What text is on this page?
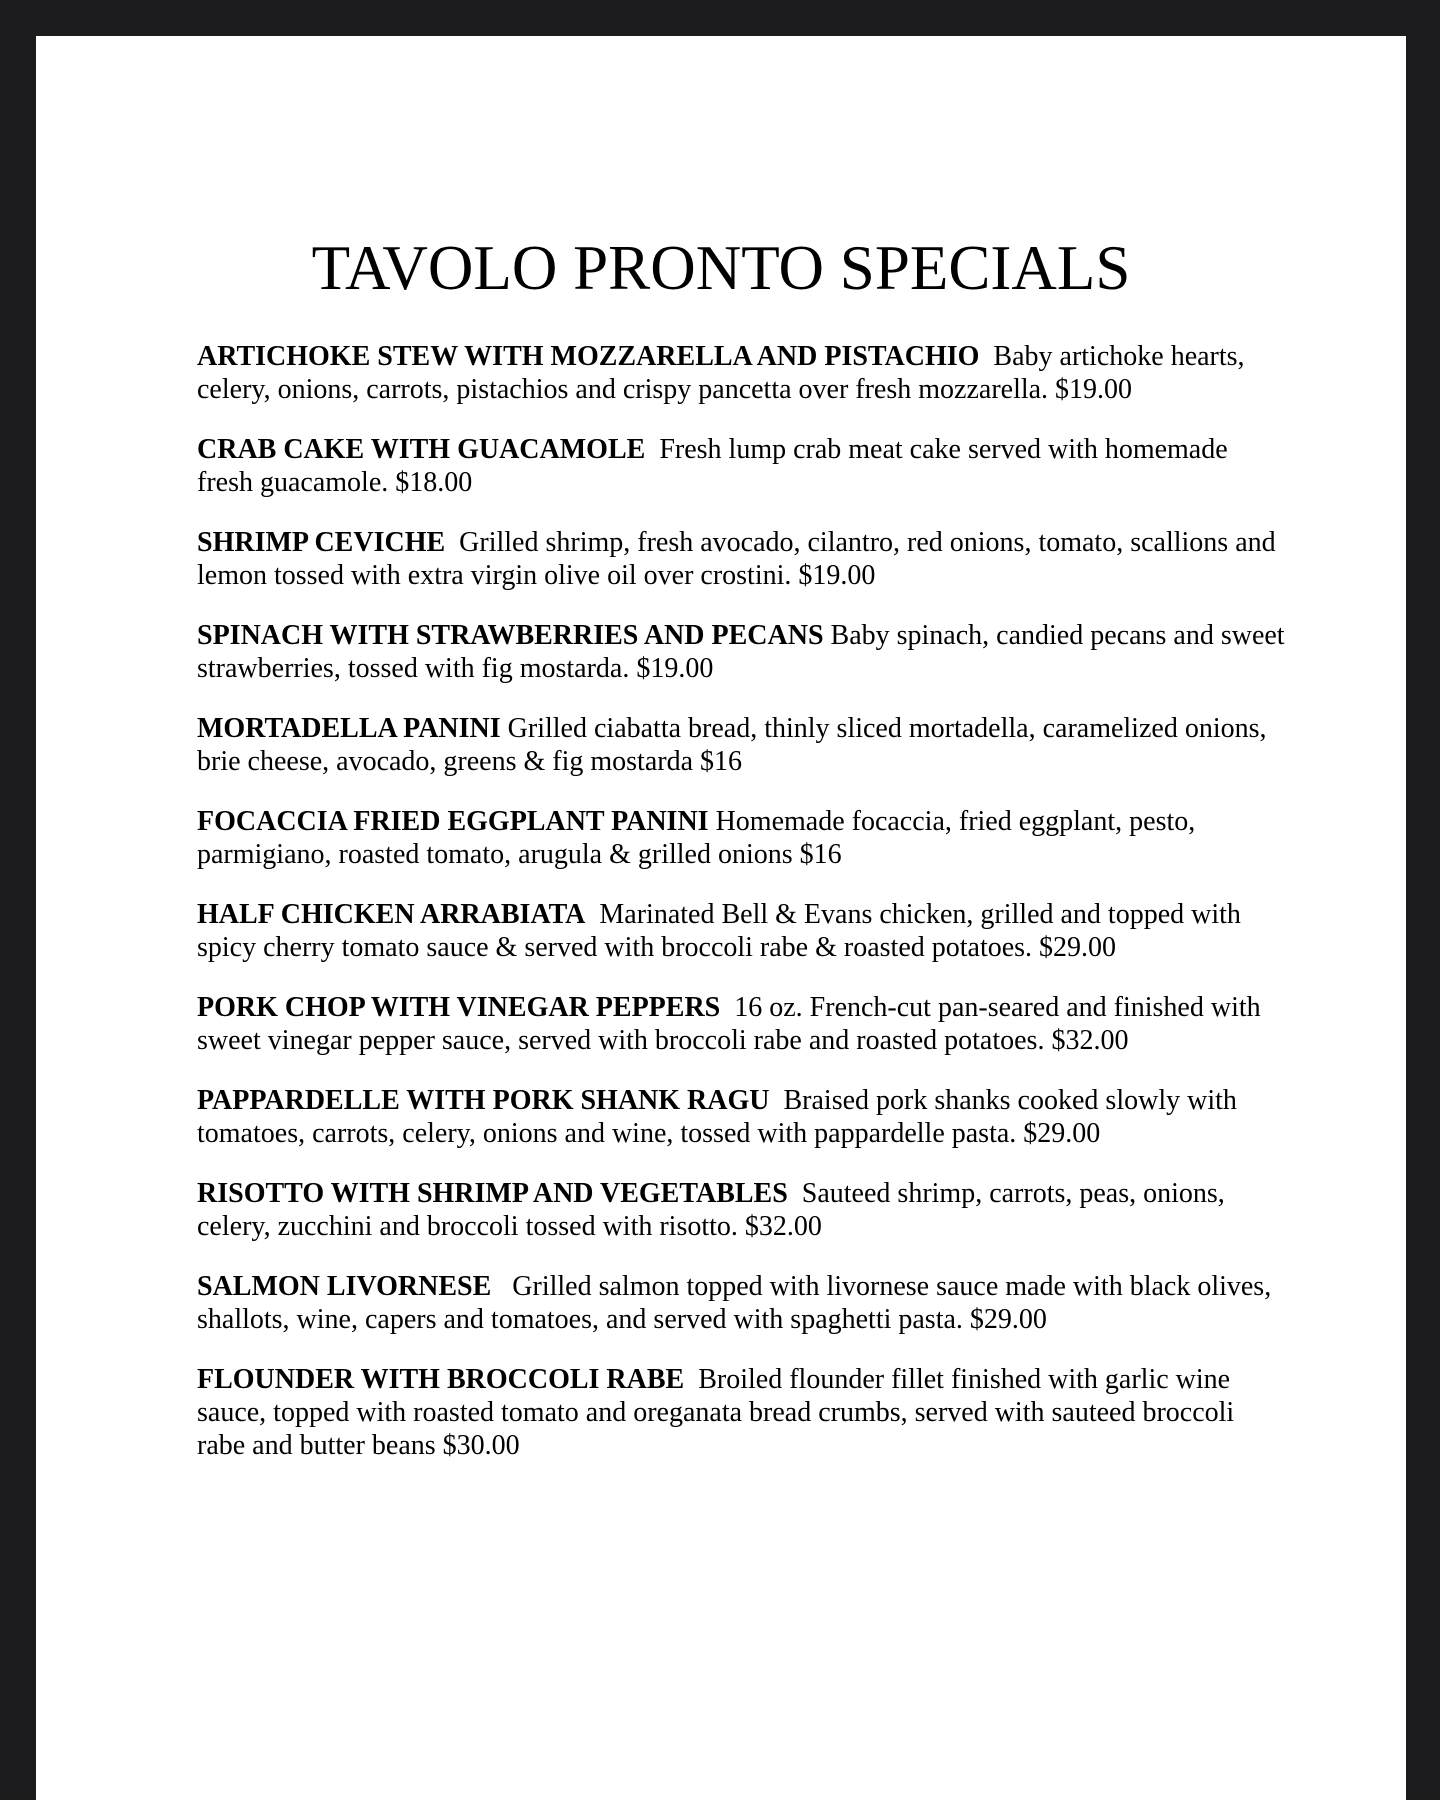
TAVOLO PRONTO SPECIALS
ARTICHOKE STEW WITH MOZZARELLA AND PISTACHIO Baby artichoke hearts, celery, onions, carrots, pistachios and crispy pancetta over fresh mozzarella. $19.00
CRAB CAKE WITH GUACAMOLE Fresh lump crab meat cake served with homemade fresh guacamole. $18.00
SHRIMP CEVICHE Grilled shrimp, fresh avocado, cilantro, red onions, tomato, scallions and lemon tossed with extra virgin olive oil over crostini. $19.00
SPINACH WITH STRAWBERRIES AND PECANS Baby spinach, candied pecans and sweet strawberries, tossed with fig mostarda. $19.00
MORTADELLA PANINI Grilled ciabatta bread, thinly sliced mortadella, caramelized onions, brie cheese, avocado, greens & fig mostarda $16
FOCACCIA FRIED EGGPLANT PANINI Homemade focaccia, fried eggplant, pesto, parmigiano, roasted tomato, arugula & grilled onions $16
HALF CHICKEN ARRABIATA Marinated Bell & Evans chicken, grilled and topped with spicy cherry tomato sauce & served with broccoli rabe & roasted potatoes. $29.00
PORK CHOP WITH VINEGAR PEPPERS 16 oz. French-cut pan-seared and finished with sweet vinegar pepper sauce, served with broccoli rabe and roasted potatoes. $32.00
PAPPARDELLE WITH PORK SHANK RAGU Braised pork shanks cooked slowly with tomatoes, carrots, celery, onions and wine, tossed with pappardelle pasta. $29.00
RISOTTO WITH SHRIMP AND VEGETABLES Sauteed shrimp, carrots, peas, onions, celery, zucchini and broccoli tossed with risotto. $32.00
SALMON LIVORNESE Grilled salmon topped with livornese sauce made with black olives, shallots, wine, capers and tomatoes, and served with spaghetti pasta. $29.00
FLOUNDER WITH BROCCOLI RABE Broiled flounder fillet finished with garlic wine sauce, topped with roasted tomato and oreganata bread crumbs, served with sauteed broccoli rabe and butter beans $30.00
